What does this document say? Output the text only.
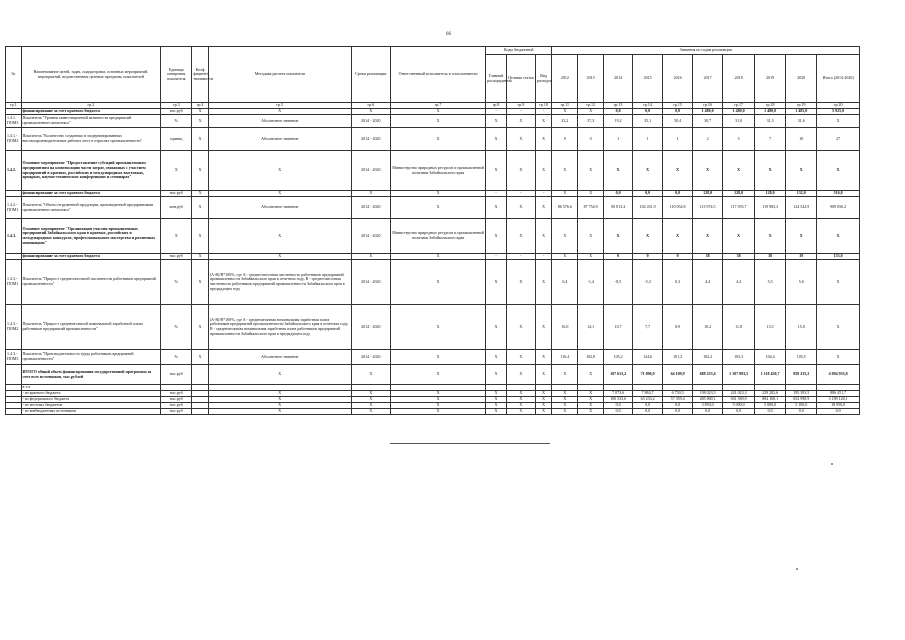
66
№	Наименование целей, задач, подпрограмм, основных мероприятий, мероприятий, ведомственных целевых программ, показателей	Единица измерения показателя	Коэф фициент значимости	Методика расчета показателя	Сроки реализации	Ответственный исполнитель и соисполнители	Коды бюджетной			Значения по годам реализации									
							Главный распорядитель	Целевая статья	Вид расходов	2012	2013	2014	2015	2016	2017	2018	2019	2020	Итого (2014-2020)
гр.1	гр.2	гр.3	гр.4	гр.5	гр.6	гр.7	гр.8	гр.9	гр.10	гр.11	гр.12	гр.13	гр.14	гр.15	гр.16	гр.17	гр.18	гр.19	гр.20
	финансирование за счет краевого бюджета	тыс.руб	X	X	X	X	-	-	-	X	X	0,0	0,0	0,0	1 480,0	1 480,0	1 480,0	1 485,0	5 925,0
1.4.1. ПОМ3	Показатель "Уровень инвестиционной активности предприятий промышленного комплекса"	%	X	Абсолютное значение	2014 - 2020	X	X	X	X	23,2	37,3	19,2	35,1	50,4	30,7	31,0	31,3	31,6	X
1.4.1.- ПОМ2	Показатель "Количество созданных и модернизированных высокопроизводительных рабочих мест в отраслях промышленности"	единиц	X	Абсолютное значение	2014 - 2020	X	X	X	X	0	0	1	1	1	2	5	7	10	27
1.4.2.	Основное мероприятие "Предоставление субсидий промышленным предприятиям на компенсацию части затрат, связанных с участием предприятий в краевых, российских и международных выставках, ярмарках, научно-технических конференциях и семинарах"	X	X	X	2014 - 2020	Министерство природных ресурсов и промышленной политики Забайкальского края	X	X	X	X	X	X	X	X	X	X	X	X	X
	финансирование за счет краевого бюджета	тыс.руб	X	X	X	X	-	-	-	X	X	0,0	0,0	0,0	128,0	128,0	128,0	132,0	516,0
1.4.2.- ПОМ1	Показатель "Объем отгруженной продукции, произведенной предприятиями промышленного комплекса"	млн.руб	X	Абсолютное значение	2014 - 2020	X	X	X	X	86 576,6	87 754,9	90 813,4	102 431,9	110 054,8	113 974,5	117 593,7	119 983,3	124 542,9	909 056,2
1.4.3.	Основное мероприятие "Организация участия промышленных предприятий Забайкальского края в краевых, российских и международных конкурсах, профессионального мастерства и различных номинациях"	X	X	X	2014 - 2020	Министерство природных ресурсов и промышленной политики Забайкальского края	X	X	X	X	X	X	X	X	X	X	X	X	X
	финансирование за счет краевого бюджета	тыс.руб	X	X	X	X	-	-	-	X	X	0	0	0	38	38	38	39	153,0
1.4.3.- ПОМ1	Показатель "Прирост среднесписочной численности работников предприятий промышленности"	%	X	(A-B)/B*100%, где A - среднесписочная численность работников предприятий промышленности Забайкальского края в отчетном году, B - среднесписочная численность работников предприятий промышленности Забайкальского края в предыдущем году	2014 - 2020	X	X	X	X	0,4	-1,4	-8,5	-5,3	0,3	4,4	4,4	5,5	5,6	X
1.4.3.- ПОМ2	Показатель "Прирост среднемесячной номинальной заработной платы работников предприятий промышленности"	%	X	(A-B)/B*100%, где A - среднемесячная номинальная заработная плата работников предприятий промышленности Забайкальского края в отчетном году, B - среднемесячная номинальная заработная плата работников предприятий промышленности Забайкальского края в предыдущем году	2014 - 2020	X	X	X	X	16,0	14,1	10,7	7,7	8,9	10,2	11,8	13,5	15,0	X
1.4.3.- ПОМ3	Показатель "Производительность труда работников предприятий промышленности"	%	X	Абсолютное значение	2014 - 2020	X	X	X	X	116,4	102,8	105,2	124,6	101,2	102,2	103,3	104,4	105,5	X
	ИТОГО общий объем финансирования государственной программы за счет всех источников, тыс.рублей	тыс.руб		X	X	X	X	X	X	X	X	107 613,2	71 096,9	64 109,9	688 253,6	1 187 093,5	1 118 450,7	858 235,2	4 094 933,0
	в т.ч.																		
	- из краевого бюджета	тыс.руб		X	X	X	X	X	X	X	X	7 073,6	7 863,7	6 750,5	198 023,5	241 023,3	229 282,6	195 393,5	886 451,7
	- из федерального бюджета	тыс.руб		X	X	X	X	X	X	X	X	100 533,6	63 233,2	57 359,4	485 800,1	941 569,9	884 168,1	652 998,9	3 189 128,1
	- из местных бюджетов	тыс.руб		X	X	X	X	X	X	X	X	0,0	0,0	0,0	3 850,0	5 000,0	5 000,0	5 100,0	18 950,0
	- из внебюджетных источников	тыс.руб		X	X	X	X	X	X	X	X	0,0	0,0	0,0	0,0	0,0	0,0	0,0	0,0
